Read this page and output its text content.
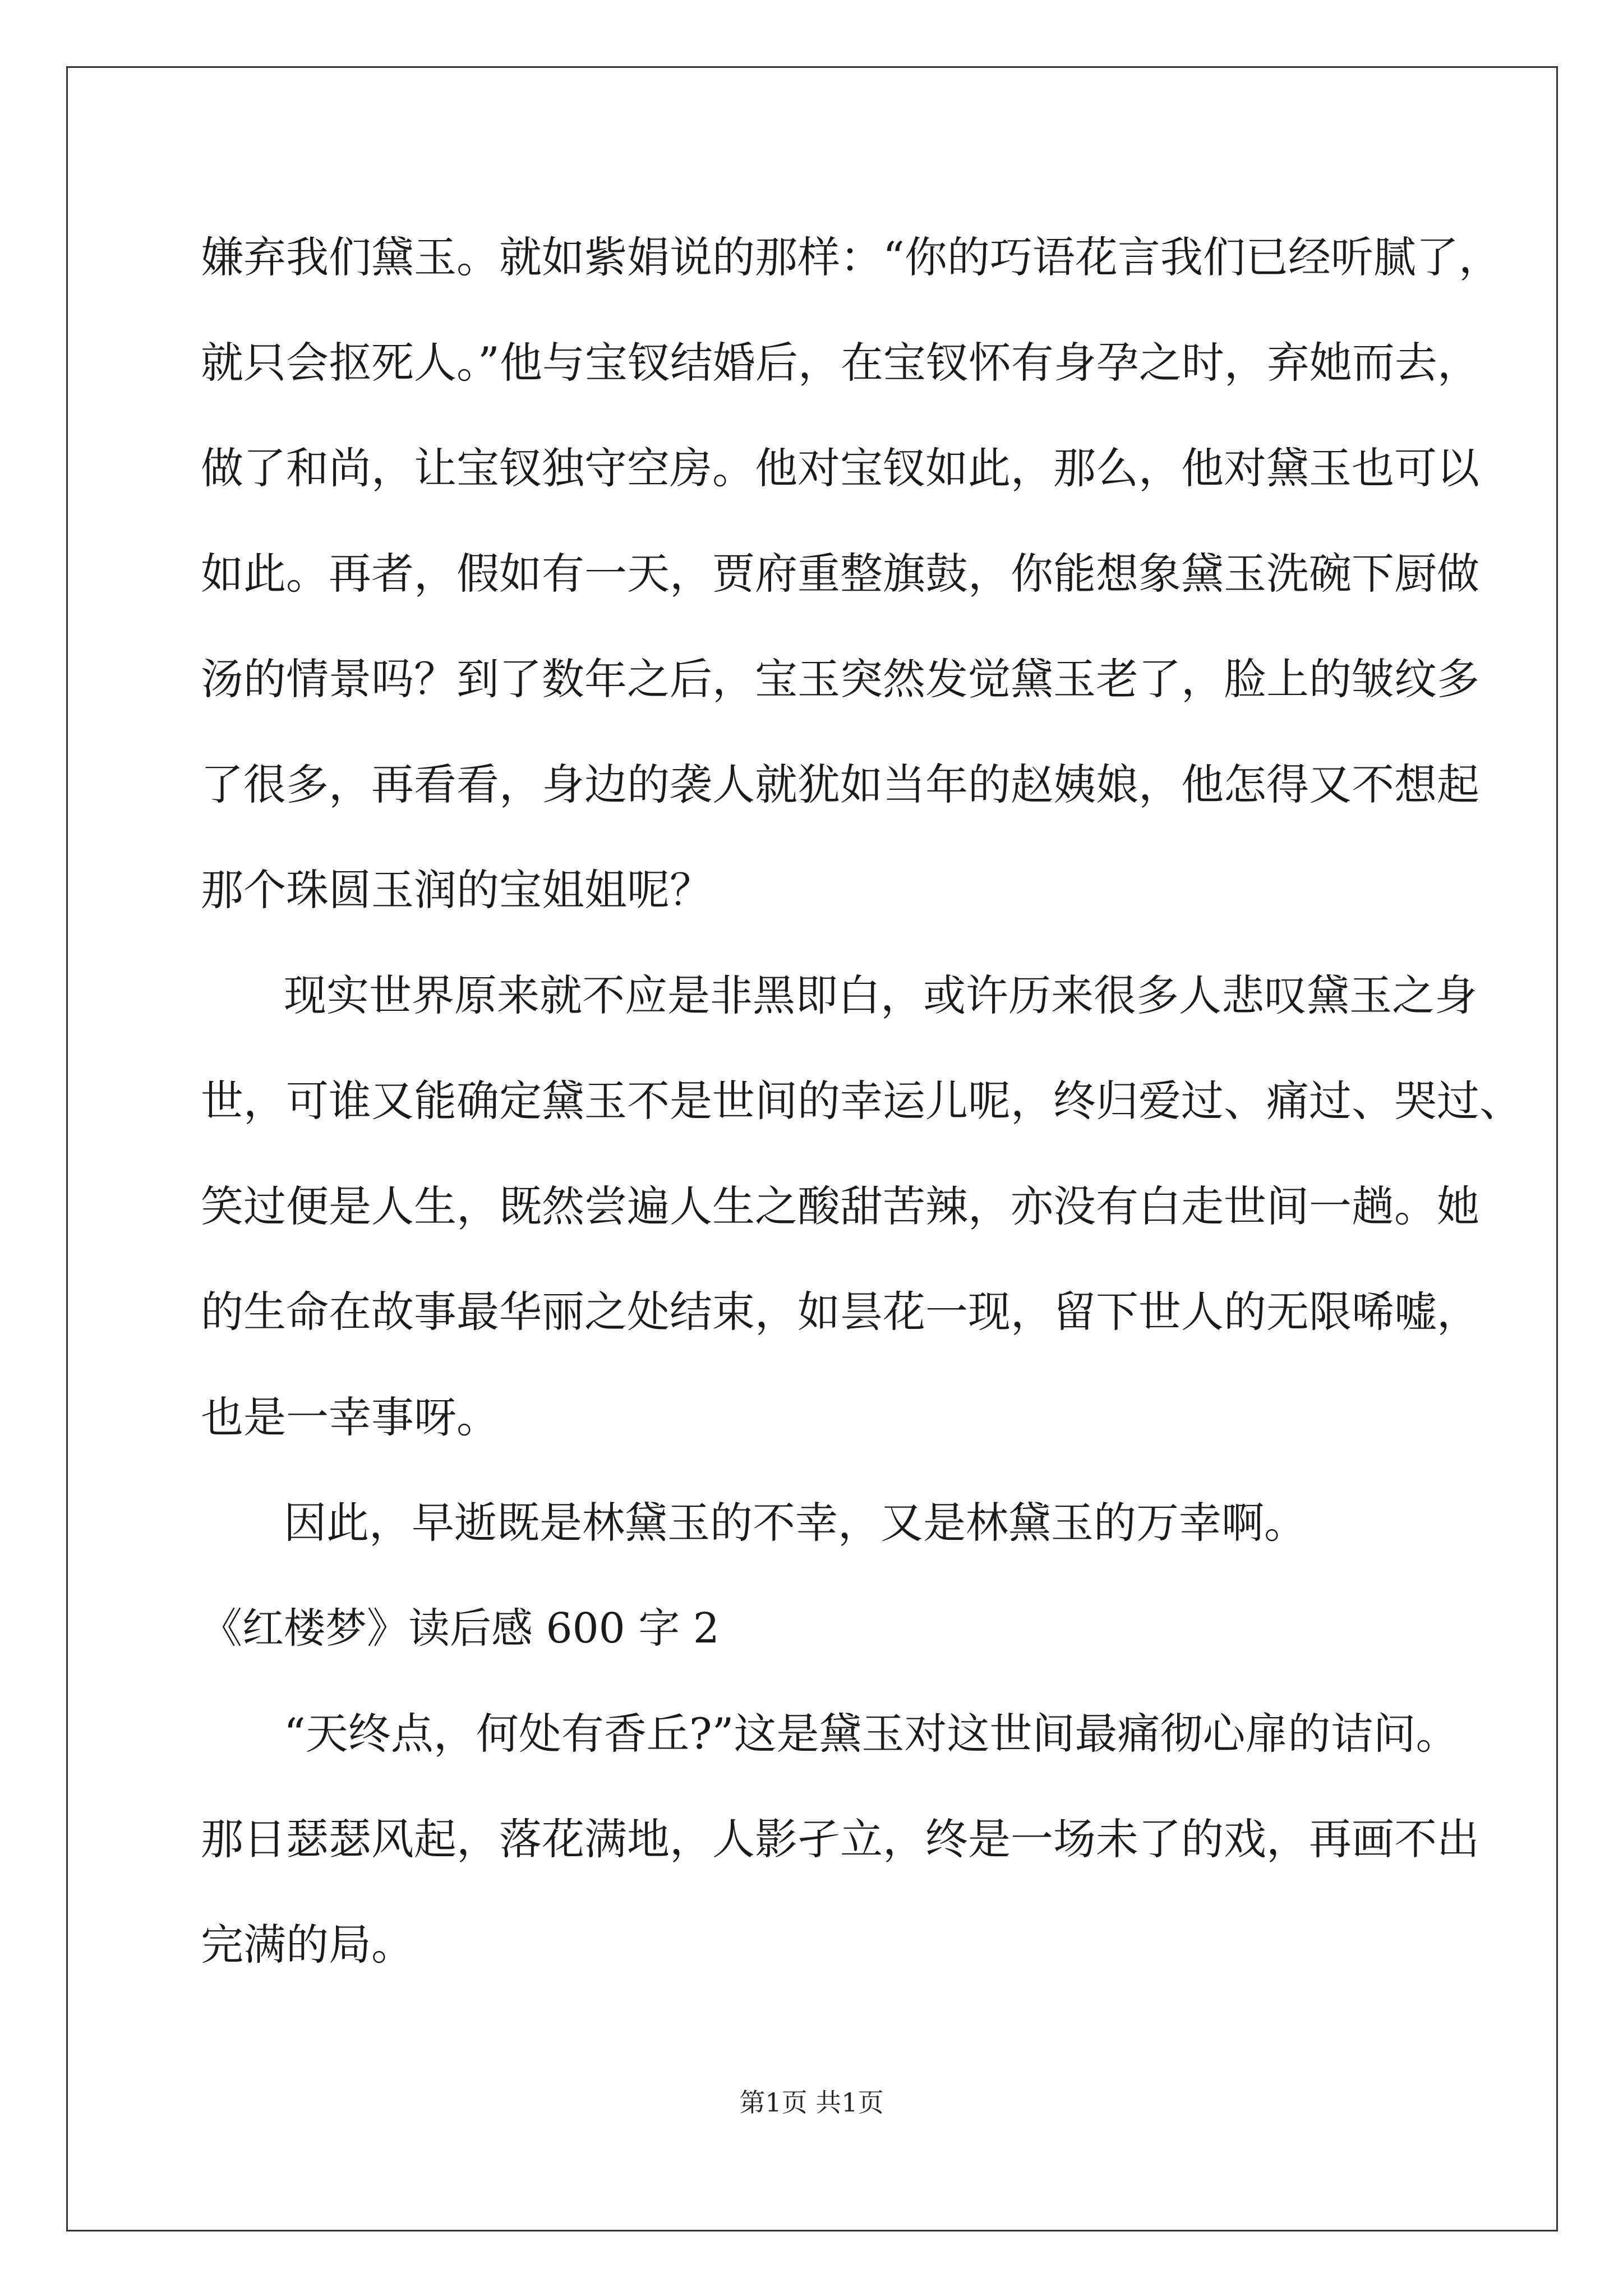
嫌弃我们黛玉。就如紫娟说的那样：“你的巧语花言我们已经听腻了，
就只会抠死人。”他与宝钗结婚后，在宝钗怀有身孕之时，弃她而去，
做了和尚，让宝钗独守空房。他对宝钗如此，那么，他对黛玉也可以
如此。再者，假如有一天，贾府重整旗鼓，你能想象黛玉洗碗下厨做
汤的情景吗？到了数年之后，宝玉突然发觉黛玉老了，脸上的皱纹多
了很多，再看看，身边的袭人就犹如当年的赵姨娘，他怎得又不想起
那个珠圆玉润的宝姐姐呢？
现实世界原来就不应是非黑即白，或许历来很多人悲叹黛玉之身
世，可谁又能确定黛玉不是世间的幸运儿呢，终归爱过、痛过、哭过、
笑过便是人生，既然尝遍人生之酸甜苦辣，亦没有白走世间一趟。她
的生命在故事最华丽之处结束，如昙花一现，留下世人的无限唏嘘，
也是一幸事呀。
因此，早逝既是林黛玉的不幸，又是林黛玉的万幸啊。
《红楼梦》读后感 600 字 2
“天终点，何处有香丘?”这是黛玉对这世间最痛彻心扉的诘问。
那日瑟瑟风起，落花满地，人影孑立，终是一场未了的戏，再画不出
完满的局。
第1页 共1页
